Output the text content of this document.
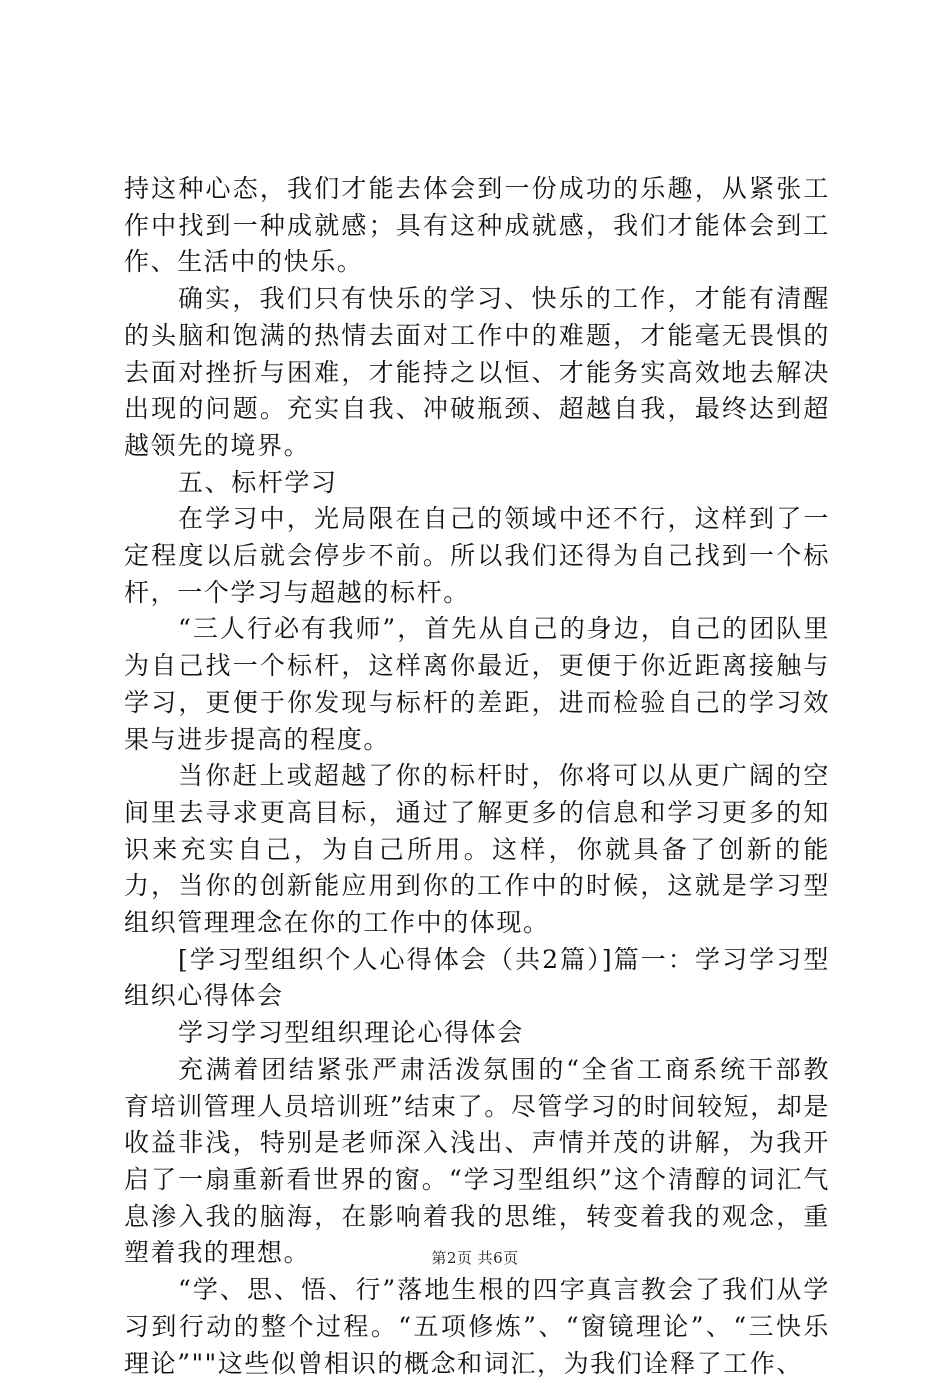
持这种心态，我们才能去体会到一份成功的乐趣，从紧张工作中找到一种成就感；具有这种成就感，我们才能体会到工作、生活中的快乐。

确实，我们只有快乐的学习、快乐的工作，才能有清醒的头脑和饱满的热情去面对工作中的难题，才能毫无畏惧的去面对挫折与困难，才能持之以恒、才能务实高效地去解决出现的问题。充实自我、冲破瓶颈、超越自我，最终达到超越领先的境界。

五、标杆学习

在学习中，光局限在自己的领域中还不行，这样到了一定程度以后就会停步不前。所以我们还得为自己找到一个标杆，一个学习与超越的标杆。

“三人行必有我师”，首先从自己的身边，自己的团队里为自己找一个标杆，这样离你最近，更便于你近距离接触与学习，更便于你发现与标杆的差距，进而检验自己的学习效果与进步提高的程度。

当你赶上或超越了你的标杆时，你将可以从更广阔的空间里去寻求更高目标，通过了解更多的信息和学习更多的知识来充实自己，为自己所用。这样，你就具备了创新的能力，当你的创新能应用到你的工作中的时候，这就是学习型组织管理理念在你的工作中的体现。

[学习型组织个人心得体会（共2篇）]篇一：学习学习型组织心得体会

学习学习型组织理论心得体会

充满着团结紧张严肃活泼氛围的“全省工商系统干部教育培训管理人员培训班”结束了。尽管学习的时间较短，却是收益非浅，特别是老师深入浅出、声情并茂的讲解，为我开启了一扇重新看世界的窗。“学习型组织”这个清醇的词汇气息渗入我的脑海，在影响着我的思维，转变着我的观念，重塑着我的理想。

“学、思、悟、行”落地生根的四字真言教会了我们从学习到行动的整个过程。“五项修炼”、“窗镜理论”、“三快乐理论”""这些似曾相识的概念和词汇，为我们诠释了工作、

第2页 共6页
